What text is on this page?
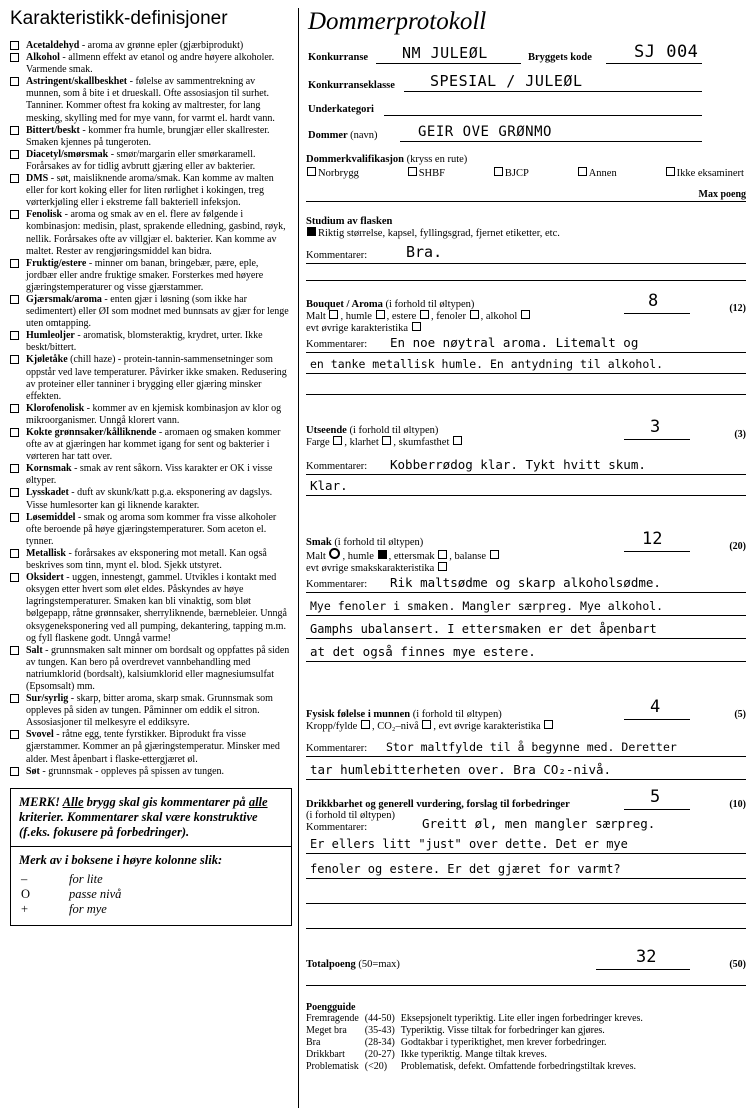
Karakteristikk-definisjoner
Acetaldehyd - aroma av grønne epler (gjærbiprodukt)
Alkohol - allmenn effekt av etanol og andre høyere alkoholer. Varmende smak.
Astringent/skallbeskhet - følelse av sammentrekning av munnen, som å bite i et drueskall. Ofte assosiasjon til surhet. Tanniner. Kommer oftest fra koking av maltrester, for lang mesking, skylling med for mye vann, for varmt el. hardt vann.
Bittert/beskt - kommer fra humle, brungjær eller skallrester. Smaken kjennes på tungeroten.
Diacetyl/smørsmak - smør/margarin eller smørkaramell. Forårsakes av for tidlig avbrutt gjæring eller av bakterier.
DMS - søt, maisliknende aroma/smak. Kan komme av malten eller for kort koking eller for liten rørlighet i kokingen, treg vørterkjøling eller i ekstreme fall bakteriell infeksjon.
Fenolisk - aroma og smak av en el. flere av følgende i kombinasjon: medisin, plast, sprakende elledning, gasbind, røyk, nellik. Forårsakes ofte av villgjær el. bakterier. Kan komme av maltet. Rester av rengjøringsmiddel kan bidra.
Fruktig/estere - minner om banan, bringebær, pære, eple, jordbær eller andre fruktige smaker. Forsterkes med høyere gjæringstemperaturer og visse gjærstammer.
Gjærsmak/aroma - enten gjær i løsning (som ikke har sedimentert) eller ØI som modnet med bunnsats av gjær for lenge uten omtapping.
Humleoljer - aromatisk, blomsteraktig, krydret, urter. Ikke beskt/bittert.
Kjøletåke (chill haze) - protein-tannin-sammensetninger som oppstår ved lave temperaturer. Påvirker ikke smaken. Redusering av proteiner eller tanniner i brygging eller gjæring minsker effekten.
Klorofenolisk - kommer av en kjemisk kombinasjon av klor og mikroorganismer. Unngå klorert vann.
Kokte grønnsaker/kålliknende - aromaen og smaken kommer ofte av at gjæringen har kommet igang for sent og bakterier i vørteren har tatt over.
Kornsmak - smak av rent såkorn. Viss karakter er OK i visse øltyper.
Lysskadet - duft av skunk/katt p.g.a. eksponering av dagslys. Visse humlesorter kan gi liknende karakter.
Løsemiddel - smak og aroma som kommer fra visse alkoholer ofte beroende på høye gjæringstemperaturer. Som aceton el. tynner.
Metallisk - forårsakes av eksponering mot metall. Kan også beskrives som tinn, mynt el. blod. Sjekk utstyret.
Oksidert - uggen, innestengt, gammel. Utvikles i kontakt med oksygen etter hvert som ølet eldes. Påskyndes av høye lagringstemperaturer. Smaken kan bli vinaktig, som bløt bølgepapp, råtne grønnsaker, sherryliknende, bærnebleier. Unngå oksygeneksponering ved all pumping, dekantering, tapping m.m. og fyll flaskene godt. Unngå varme!
Salt - grunnsmaken salt minner om bordsalt og oppfattes på siden av tungen. Kan bero på overdrevet vannbehandling med natriumklorid (bordsalt), kalsiumklorid eller magnesiumsulfat (Epsomsalt) mm.
Sur/syrlig - skarp, bitter aroma, skarp smak. Grunnsmak som oppleves på siden av tungen. Påminner om eddik el sitron. Assosiasjoner til melkesyre el eddiksyre.
Svovel - råtne egg, tente fyrstikker. Biprodukt fra visse gjærstammer. Kommer an på gjæringstemperatur. Minsker med alder. Mest åpenbart i flaske-ettergjæret øl.
Søt - grunnsmak - oppleves på spissen av tungen.
MERK! Alle brygg skal gis kommentarer på alle kriterier. Kommentarer skal være konstruktive (f.eks. fokusere på forbedringer).
Merk av i boksene i høyre kolonne slik:
–	for lite
O	passe nivå
+	for mye
Dommerprotokoll
Konkurranse NM JULEØL	Bryggets kode SJ 004
Konkurranseklasse SPESIAL / JULEØL
Underkategori
Dommer (navn)	GEIR OVE GRØNMO
Dommerkvalifikasjon (kryss en rute)
Norbrygg	SHBF	BJCP	Annen	Ikke eksaminert
Max poeng
Studium av flasken
Riktig størrelse, kapsel, fyllingsgrad, fjernet etiketter, etc.
Kommentarer:	Bra.
8	(12)
Bouquet / Aroma (i forhold til øltypen)
Malt , humle , estere , fenoler , alkohol
evt øvrige karakteristika
Kommentarer: En noe nøytral aroma. Litemalt og
en tanke metallisk humle. En antydning til alkohol.
3	(3)
Utseende (i forhold til øltypen)
Farge , klarhet , skumfasthet
Kommentarer: Kobberrødog klar. Tykt hvitt skum.
Klar.
12	(20)
Smak (i forhold til øltypen)
Malt , humle , ettersmak , balanse
evt øvrige smakskarakteristika
Kommentarer: Rik maltsødme og skarp alkoholsødme.
Mye fenoler i smaken. Mangler særpreg. Mye alkohol.
Gamphs ubalansert. I ettersmaken er det åpenbart
at det også finnes mye estere.
4	(5)
Fysisk følelse i munnen (i forhold til øltypen)
Kropp/fylde , CO₂–nivå , evt øvrige karakteristika
Kommentarer: Stor maltfylde til å begynne med. Deretter
tar humlebitterheten over. Bra CO₂-nivå.
5	(10)
Drikkbarhet og generell vurdering, forslag til forbedringer
(i forhold til øltypen)
Kommentarer:	Greitt øl, men mangler særpreg.
Er ellers litt "just" over dette. Det er mye
fenoler og estere. Er det gjæret for varmt?
32	(50)
Totalpoeng (50=max)
Poengguide
Fremragende	(44-50)	Eksepsjonelt typeriktig. Lite eller ingen forbedringer kreves.
Meget bra	(35-43)	Typeriktig. Visse tiltak for forbedringer kan gjøres.
Bra	(28-34)	Godtakbar i typeriktighet, men krever forbedringer.
Drikkbart	(20-27)	Ikke typeriktig. Mange tiltak kreves.
Problematisk	(<20)	Problematisk, defekt. Omfattende forbedringstiltak kreves.
